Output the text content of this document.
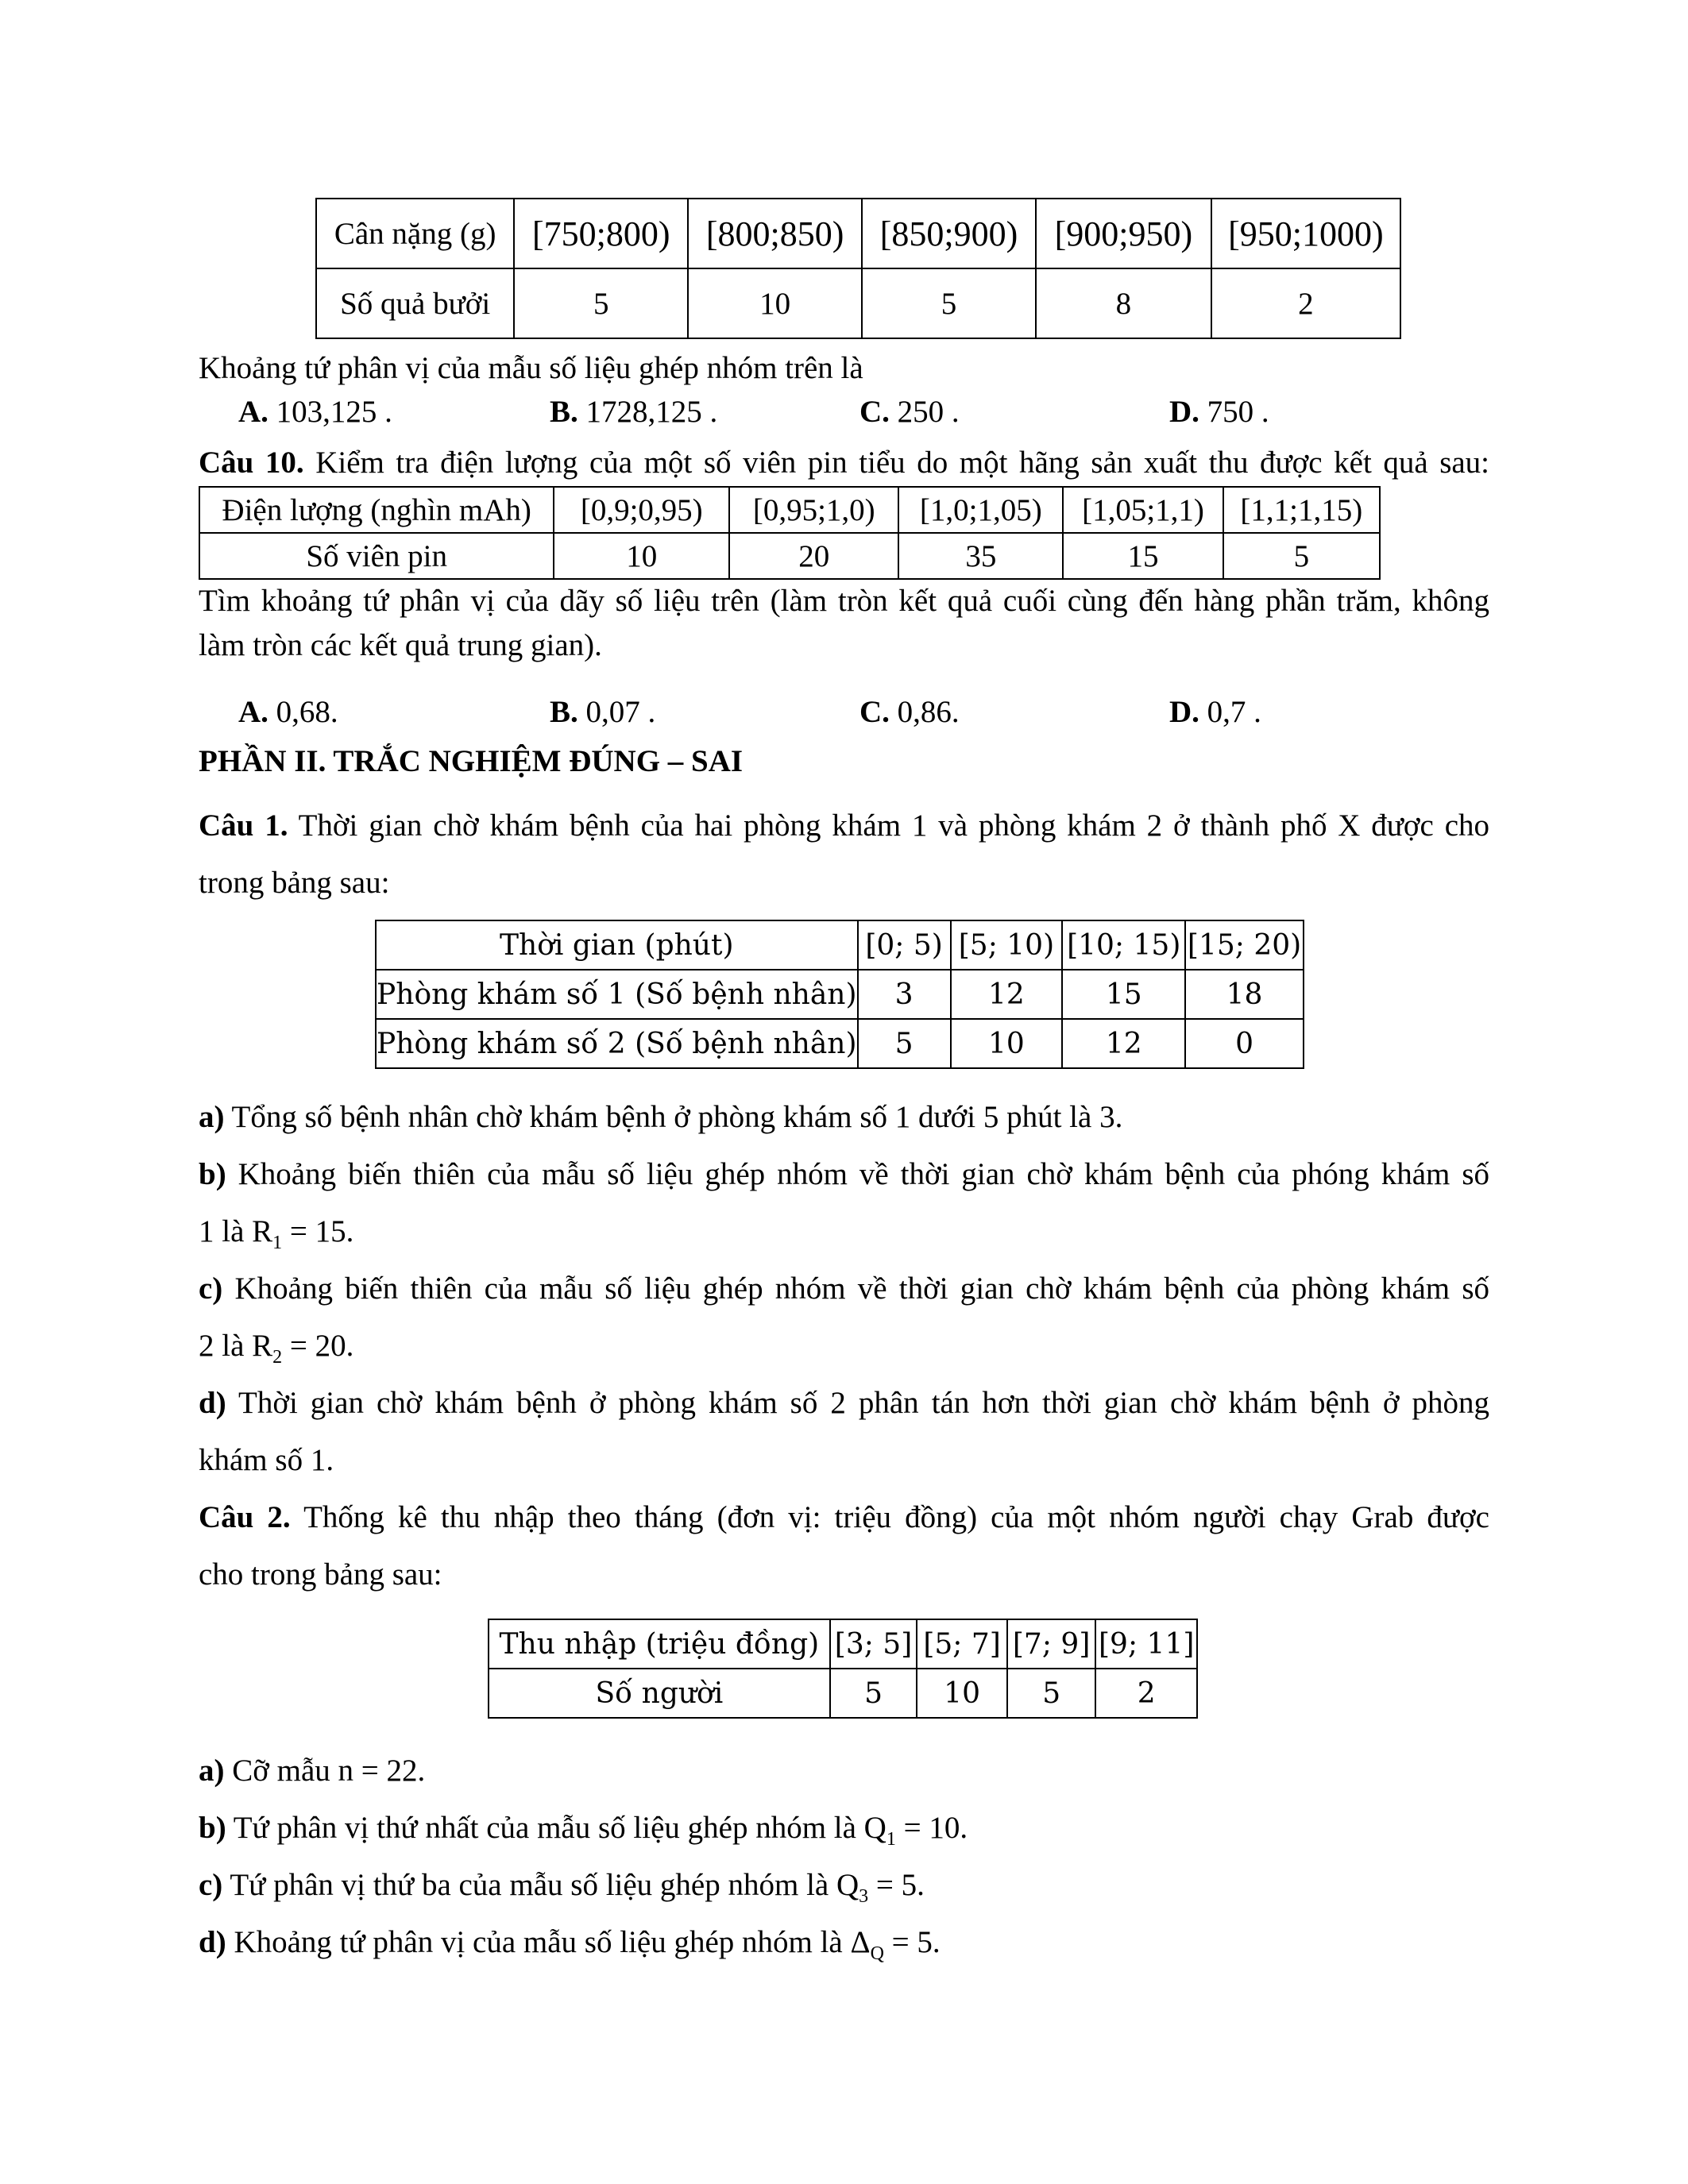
Cân nặng (g)	[750;800)	[800;850)	[850;900)	[900;950)	[950;1000)
Số quả bưởi	5	10	5	8	2
Khoảng tứ phân vị của mẫu số liệu ghép nhóm trên là
A. 103,125 .	B. 1728,125 .	C. 250 .	D. 750 .
Câu 10. Kiểm tra điện lượng của một số viên pin tiểu do một hãng sản xuất thu được kết quả sau:
Điện lượng (nghìn mAh)	[0,9;0,95)	[0,95;1,0)	[1,0;1,05)	[1,05;1,1)	[1,1;1,15)
Số viên pin	10	20	35	15	5
Tìm khoảng tứ phân vị của dãy số liệu trên (làm tròn kết quả cuối cùng đến hàng phần trăm, không
làm tròn các kết quả trung gian).
A. 0,68.	B. 0,07 .	C. 0,86.	D. 0,7 .
PHẦN II. TRẮC NGHIỆM ĐÚNG – SAI
Câu 1. Thời gian chờ khám bệnh của hai phòng khám 1 và phòng khám 2 ở thành phố X được cho
trong bảng sau:
Thời gian (phút)	[0; 5)	[5; 10)	[10; 15)	[15; 20)
Phòng khám số 1 (Số bệnh nhân)	3	12	15	18
Phòng khám số 2 (Số bệnh nhân)	5	10	12	0
a) Tổng số bệnh nhân chờ khám bệnh ở phòng khám số 1 dưới 5 phút là 3.
b) Khoảng biến thiên của mẫu số liệu ghép nhóm về thời gian chờ khám bệnh của phóng khám số
1 là $R_1 = 15$.
c) Khoảng biến thiên của mẫu số liệu ghép nhóm về thời gian chờ khám bệnh của phòng khám số
2 là $R_2 = 20$.
d) Thời gian chờ khám bệnh ở phòng khám số 2 phân tán hơn thời gian chờ khám bệnh ở phòng
khám số 1.
Câu 2. Thống kê thu nhập theo tháng (đơn vị: triệu đồng) của một nhóm người chạy Grab được
cho trong bảng sau:
Thu nhập (triệu đồng)	[3; 5]	[5; 7]	[7; 9]	[9; 11]
Số người	5	10	5	2
a) Cỡ mẫu n = 22.
b) Tứ phân vị thứ nhất của mẫu số liệu ghép nhóm là $Q_1 = 10$.
c) Tứ phân vị thứ ba của mẫu số liệu ghép nhóm là $Q_3 = 5$.
d) Khoảng tứ phân vị của mẫu số liệu ghép nhóm là $\Delta_Q = 5$.
